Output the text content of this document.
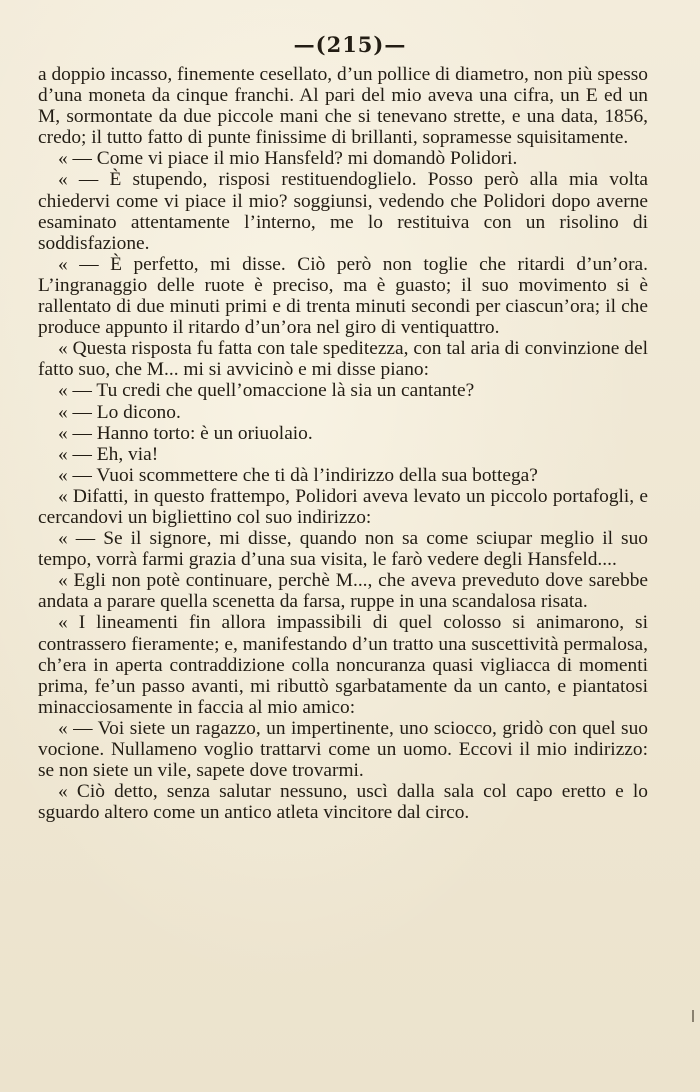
—(215)—

a doppio incasso, finemente cesellato, d’un pollice di diametro, non più spesso d’una moneta da cinque franchi. Al pari del mio aveva una cifra, un E ed un M, sormontate da due piccole mani che si tenevano strette, e una data, 1856, credo; il tutto fatto di punte finissime di brillanti, sopramesse squisitamente.

« — Come vi piace il mio Hansfeld? mi domandò Polidori.

« — È stupendo, risposi restituendoglielo. Posso però alla mia volta chiedervi come vi piace il mio? soggiunsi, vedendo che Polidori dopo averne esaminato attentamente l’interno, me lo restituiva con un risolino di soddisfazione.

« — È perfetto, mi disse. Ciò però non toglie che ritardi d’un’ora. L’ingranaggio delle ruote è preciso, ma è guasto; il suo movimento si è rallentato di due minuti primi e di trenta minuti secondi per ciascun’ora; il che produce appunto il ritardo d’un’ora nel giro di ventiquattro.

« Questa risposta fu fatta con tale speditezza, con tal aria di convinzione del fatto suo, che M... mi si avvicinò e mi disse piano:

« — Tu credi che quell’omaccione là sia un cantante?

« — Lo dicono.

« — Hanno torto: è un oriuolaio.

« — Eh, via!

« — Vuoi scommettere che ti dà l’indirizzo della sua bottega?

« Difatti, in questo frattempo, Polidori aveva levato un piccolo portafogli, e cercandovi un bigliettino col suo indirizzo:

« — Se il signore, mi disse, quando non sa come sciupar meglio il suo tempo, vorrà farmi grazia d’una sua visita, le farò vedere degli Hansfeld....

« Egli non potè continuare, perchè M..., che aveva preveduto dove sarebbe andata a parare quella scenetta da farsa, ruppe in una scandalosa risata.

« I lineamenti fin allora impassibili di quel colosso si animarono, si contrassero fieramente; e, manifestando d’un tratto una suscettività permalosa, ch’era in aperta contraddizione colla noncuranza quasi vigliacca di momenti prima, fe’un passo avanti, mi ributtò sgarbatamente da un canto, e piantatosi minacciosamente in faccia al mio amico:

« — Voi siete un ragazzo, un impertinente, uno sciocco, gridò con quel suo vocione. Nullameno voglio trattarvi come un uomo. Eccovi il mio indirizzo: se non siete un vile, sapete dove trovarmi.

« Ciò detto, senza salutar nessuno, uscì dalla sala col capo eretto e lo sguardo altero come un antico atleta vincitore dal circo.
